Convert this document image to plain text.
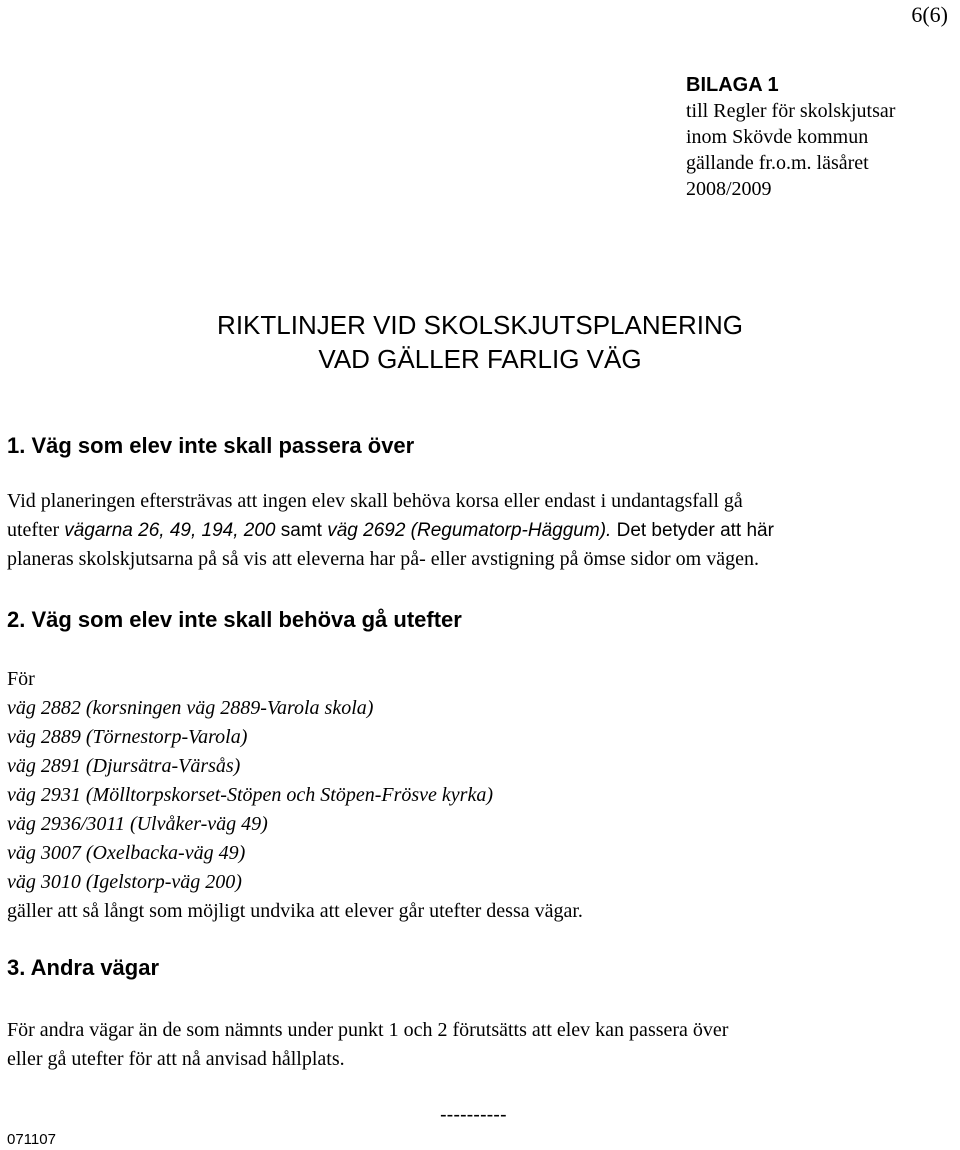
6(6)
BILAGA 1
till Regler för skolskjutsar
inom Skövde kommun
gällande fr.o.m. läsåret
2008/2009
RIKTLINJER VID SKOLSKJUTSPLANERING
VAD GÄLLER FARLIG VÄG
1. Väg som elev inte skall passera över
Vid planeringen eftersträvas att ingen elev skall behöva korsa eller endast i undantagsfall gå
utefter vägarna 26, 49, 194, 200 samt väg 2692 (Regumatorp-Häggum). Det betyder att här
planeras skolskjutsarna på så vis att eleverna har på- eller avstigning på ömse sidor om vägen.
2. Väg som elev inte skall behöva gå utefter
För
väg 2882 (korsningen väg 2889-Varola skola)
väg 2889 (Törnestorp-Varola)
väg 2891 (Djursätra-Värsås)
väg 2931 (Mölltorpskorset-Stöpen och Stöpen-Frösve kyrka)
väg 2936/3011 (Ulvåker-väg 49)
väg 3007 (Oxelbacka-väg 49)
väg 3010 (Igelstorp-väg 200)
gäller att så långt som möjligt undvika att elever går utefter dessa vägar.
3. Andra vägar
För andra vägar än de som nämnts under punkt 1 och 2 förutsätts att elev kan passera över
eller gå utefter för att nå anvisad hållplats.
----------
071107
